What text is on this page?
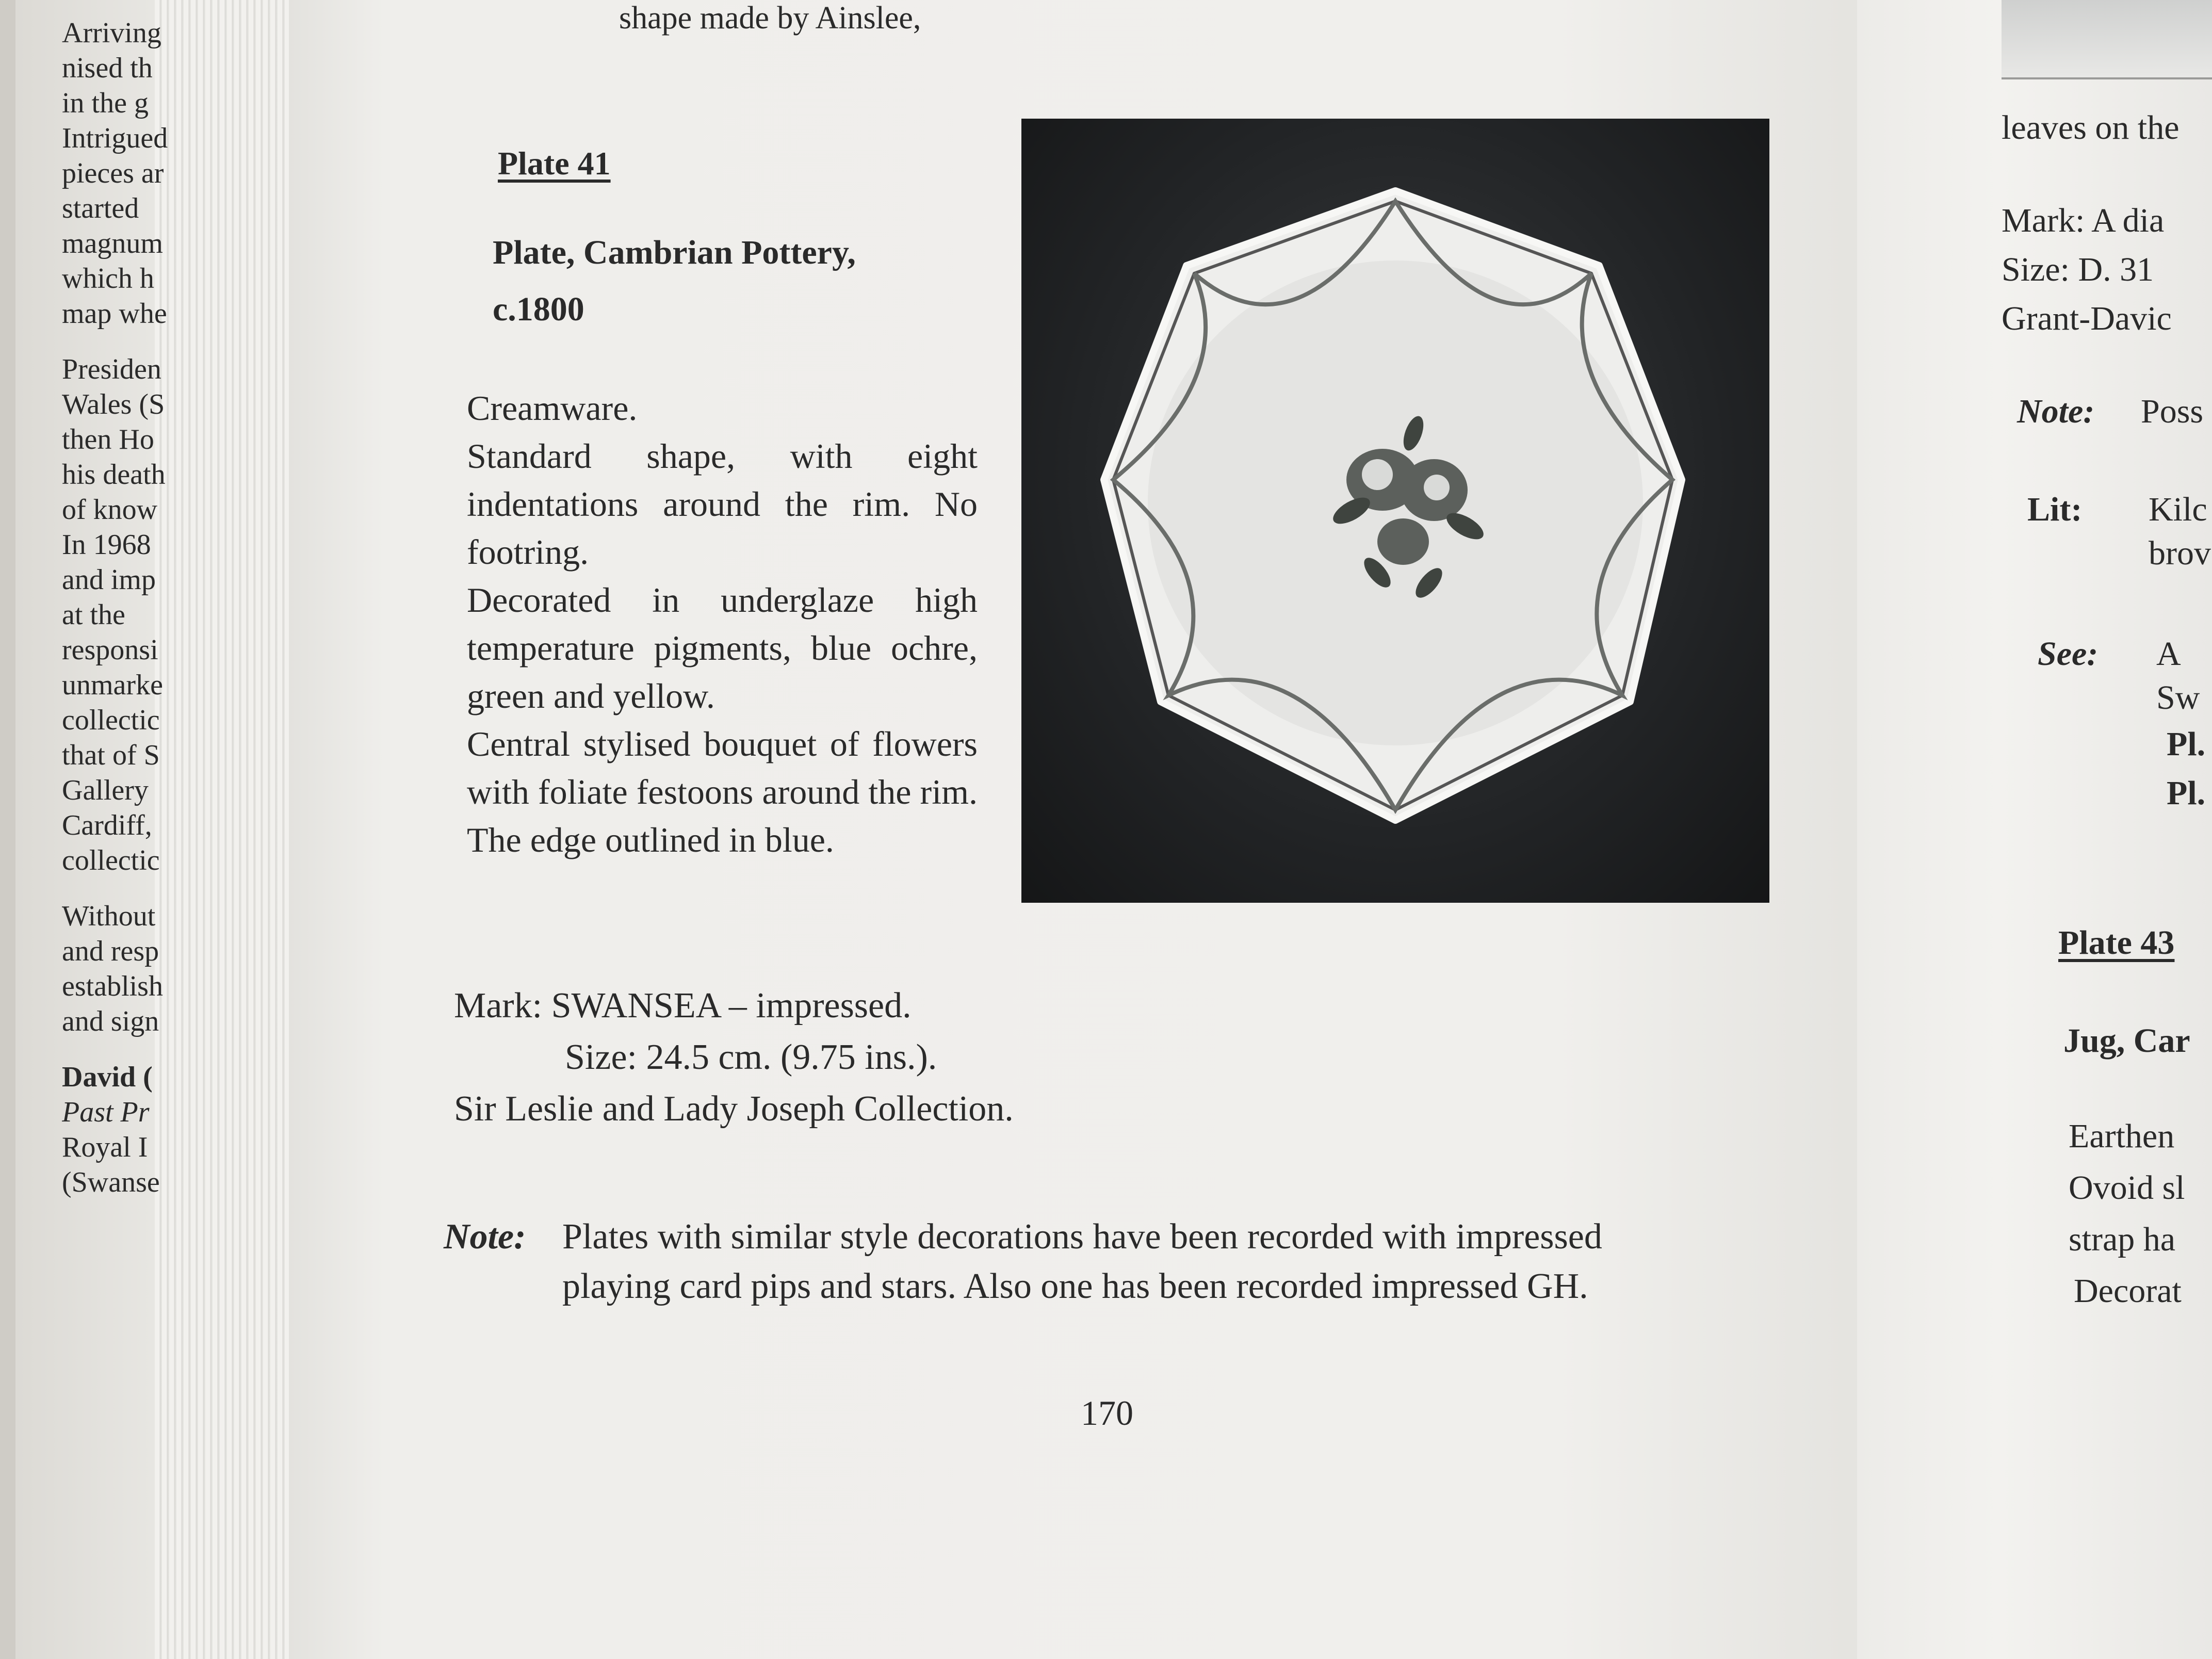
Arriving
nised th
in the g
Intrigued
pieces ar
started
magnum
which h
map whe
Presiden
Wales (S
then Ho
his death
of know
In 1968
and imp
at the
responsi
unmarke
collectic
that of S
Gallery
Cardiff,
collectic
Without
and resp
establish
and sign
David (
Past Pr
Royal I
(Swanse
shape made by Ainslee,
Plate 41
Plate, Cambrian Pottery,
c.1800

Creamware.

Standard shape, with eight indentations around the rim. No footring.

Decorated in underglaze high temperature pigments, blue ochre, green and yellow.

Central stylised bouquet of flowers with foliate festoons around the rim. The edge outlined in blue.

Mark: SWANSEA – impressed.
Size: 24.5 cm. (9.75 ins.).
Sir Leslie and Lady Joseph Collection.
Note: Plates with similar style decorations have been recorded with impressed
playing card pips and stars. Also one has been recorded impressed GH.
170
leaves on the
Mark: A dia
Size: D. 31
Grant-Davic
Note: Poss
Lit: Kilc
brov
See: A
Sw
Pl.
Pl.
Plate 43
Jug, Car
Earthen
Ovoid sl
strap ha
Decorat
